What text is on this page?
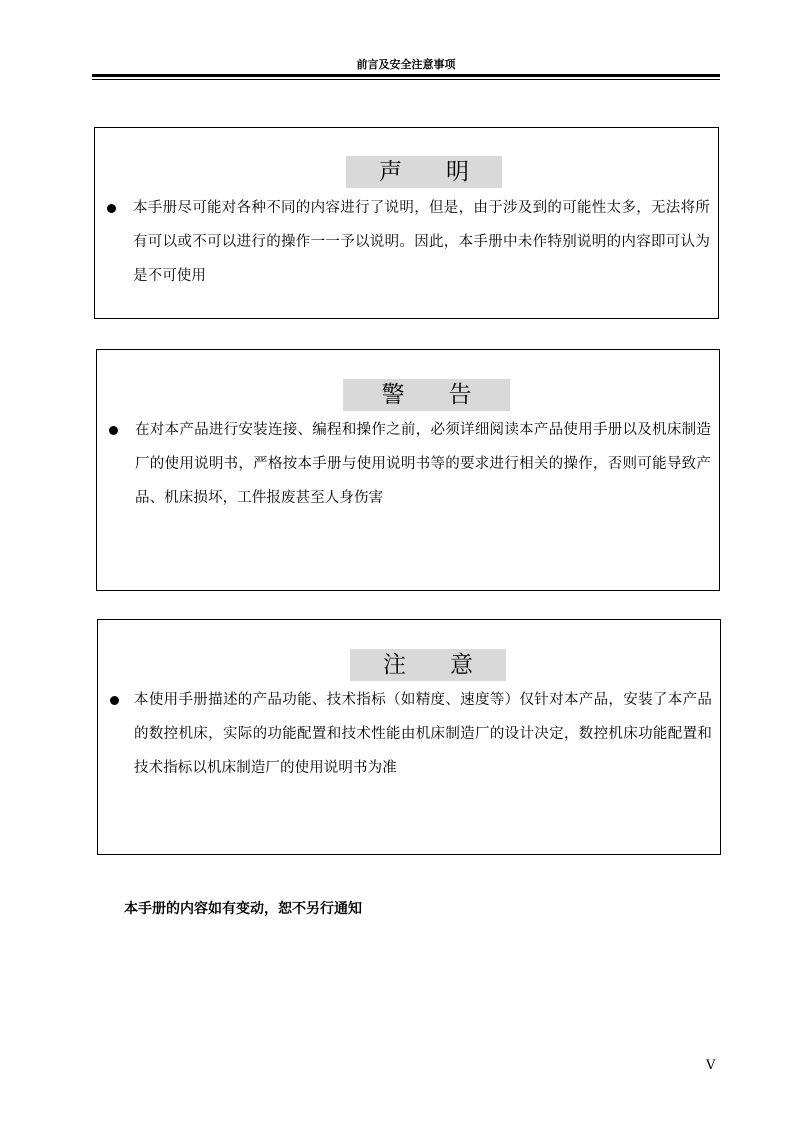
前言及安全注意事项
声 明
本手册尽可能对各种不同的内容进行了说明，但是，由于涉及到的可能性太多，无法将所有可以或不可以进行的操作一一予以说明。因此，本手册中未作特别说明的内容即可认为是不可使用
警 告
在对本产品进行安装连接、编程和操作之前，必须详细阅读本产品使用手册以及机床制造厂的使用说明书，严格按本手册与使用说明书等的要求进行相关的操作，否则可能导致产品、机床损坏，工件报废甚至人身伤害
注 意
本使用手册描述的产品功能、技术指标（如精度、速度等）仅针对本产品，安装了本产品的数控机床，实际的功能配置和技术性能由机床制造厂的设计决定，数控机床功能配置和技术指标以机床制造厂的使用说明书为准
本手册的内容如有变动，恕不另行通知
V
